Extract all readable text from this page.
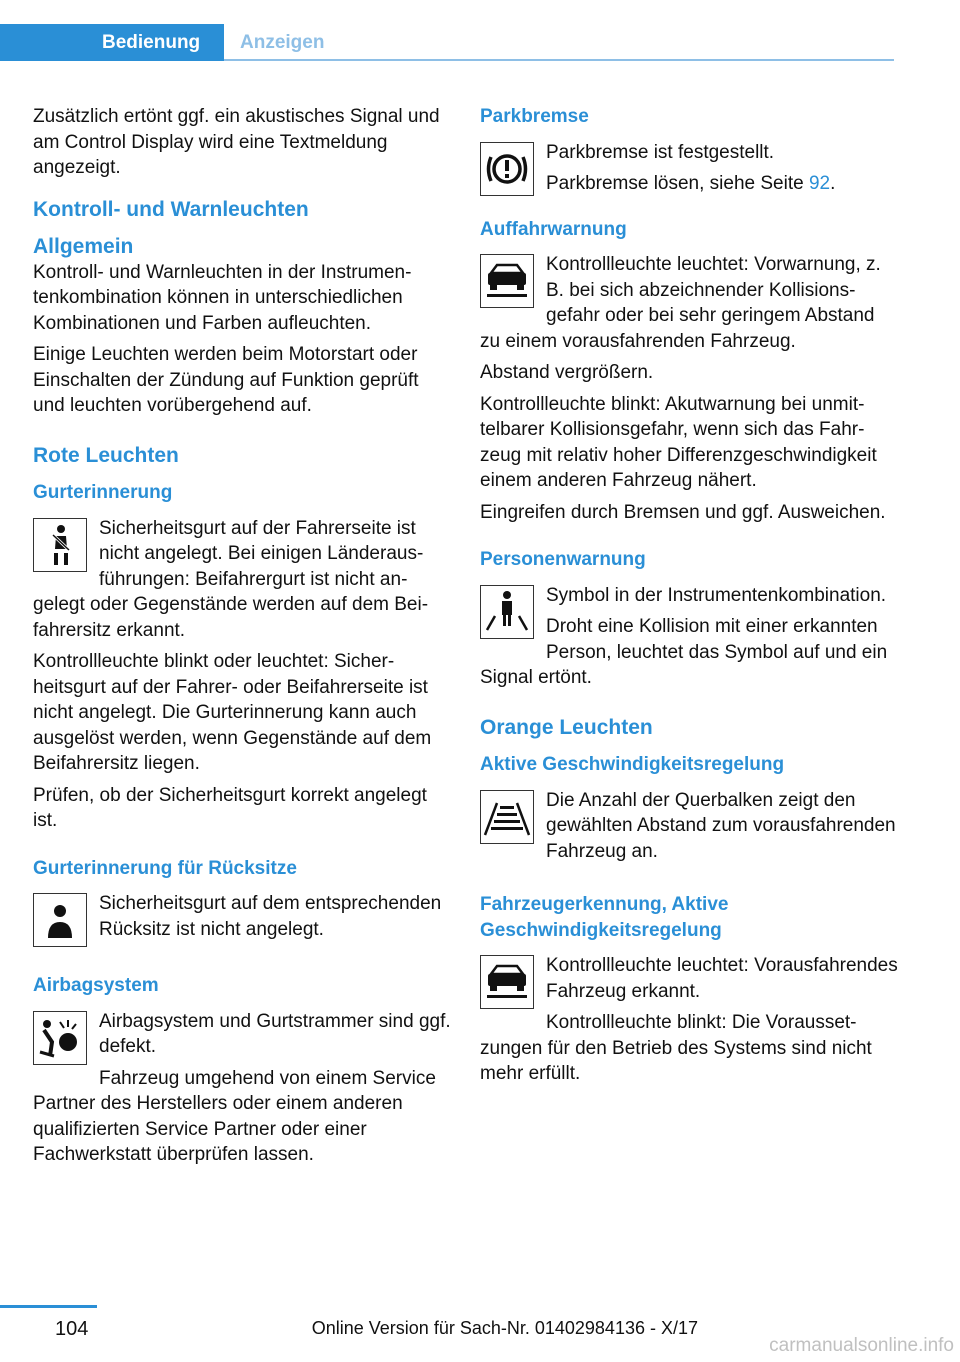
Bedienung Anzeigen

Zusätzlich ertönt ggf. ein akustisches Signal und am Control Display wird eine Textmeldung angezeigt.

Kontroll- und Warnleuchten
Allgemein

Kontroll- und Warnleuchten in der Instrumentenkombination können in unterschiedlichen Kombinationen und Farben aufleuchten.

Einige Leuchten werden beim Motorstart oder Einschalten der Zündung auf Funktion geprüft und leuchten vorübergehend auf.

Rote Leuchten
Gurterinnerung

Sicherheitsgurt auf der Fahrerseite ist nicht angelegt. Bei einigen Länderausführungen: Beifahrergurt ist nicht angelegt oder Gegenstände werden auf dem Beifahrersitz erkannt.

Kontrollleuchte blinkt oder leuchtet: Sicherheitsgurt auf der Fahrer- oder Beifahrerseite ist nicht angelegt. Die Gurterinnerung kann auch ausgelöst werden, wenn Gegenstände auf dem Beifahrersitz liegen.

Prüfen, ob der Sicherheitsgurt korrekt angelegt ist.

Gurterinnerung für Rücksitze

Sicherheitsgurt auf dem entsprechenden Rücksitz ist nicht angelegt.

Airbagsystem

Airbagsystem und Gurtstrammer sind ggf. defekt.

Fahrzeug umgehend von einem Service Partner des Herstellers oder einem anderen qualifizierten Service Partner oder einer Fachwerkstatt überprüfen lassen.

Parkbremse

Parkbremse ist festgestellt.

Parkbremse lösen, siehe Seite 92.

Auffahrwarnung

Kontrollleuchte leuchtet: Vorwarnung, z. B. bei sich abzeichnender Kollisionsgefahr oder bei sehr geringem Abstand zu einem vorausfahrenden Fahrzeug.

Abstand vergrößern.

Kontrollleuchte blinkt: Akutwarnung bei unmittelbarer Kollisionsgefahr, wenn sich das Fahrzeug mit relativ hoher Differenzgeschwindigkeit einem anderen Fahrzeug nähert.

Eingreifen durch Bremsen und ggf. Ausweichen.

Personenwarnung

Symbol in der Instrumentenkombination.

Droht eine Kollision mit einer erkannten Person, leuchtet das Symbol auf und ein Signal ertönt.

Orange Leuchten
Aktive Geschwindigkeitsregelung

Die Anzahl der Querbalken zeigt den gewählten Abstand zum vorausfahrenden Fahrzeug an.

Fahrzeugerkennung, Aktive Geschwindigkeitsregelung

Kontrollleuchte leuchtet: Vorausfahrendes Fahrzeug erkannt.

Kontrollleuchte blinkt: Die Voraussetzungen für den Betrieb des Systems sind nicht mehr erfüllt.

104	Online Version für Sach-Nr. 01402984136 - X/17
carmanualsonline.info
